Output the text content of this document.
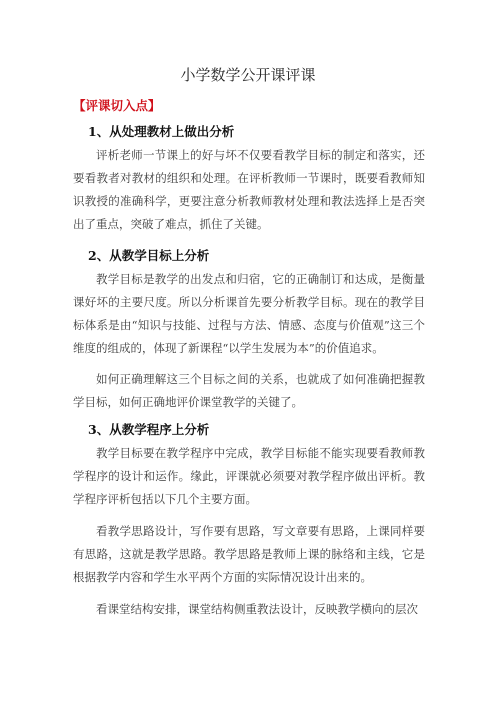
小学数学公开课评课
【评课切入点】
1、从处理教材上做出分析
评析老师一节课上的好与坏不仅要看教学目标的制定和落实，还要看教者对教材的组织和处理。在评析教师一节课时，既要看教师知识教授的准确科学，更要注意分析教师教材处理和教法选择上是否突出了重点，突破了难点，抓住了关键。
2、从教学目标上分析
教学目标是教学的出发点和归宿，它的正确制订和达成，是衡量课好坏的主要尺度。所以分析课首先要分析教学目标。现在的教学目标体系是由“知识与技能、过程与方法、情感、态度与价值观”这三个维度的组成的，体现了新课程“以学生发展为本”的价值追求。
如何正确理解这三个目标之间的关系，也就成了如何准确把握教学目标，如何正确地评价课堂教学的关键了。
3、从教学程序上分析
教学目标要在教学程序中完成，教学目标能不能实现要看教师教学程序的设计和运作。缘此，评课就必须要对教学程序做出评析。教学程序评析包括以下几个主要方面。
看教学思路设计，写作要有思路，写文章要有思路，上课同样要有思路，这就是教学思路。教学思路是教师上课的脉络和主线，它是根据教学内容和学生水平两个方面的实际情况设计出来的。
看课堂结构安排，课堂结构侧重教法设计，反映教学横向的层次
